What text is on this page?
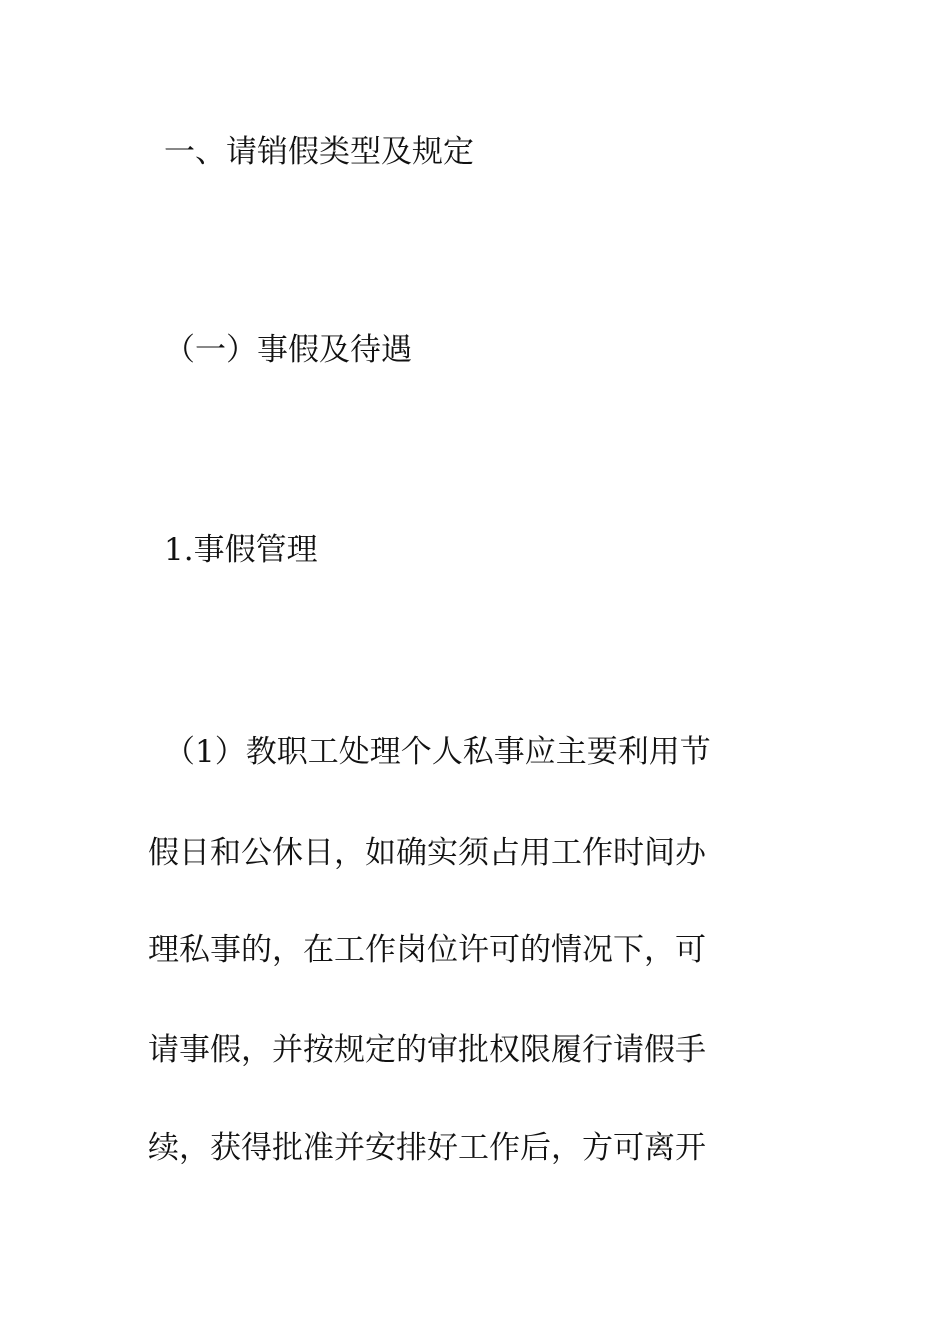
一、请销假类型及规定
（一）事假及待遇
1.事假管理

（1）教职工处理个人私事应主要利用节

假日和公休日，如确实须占用工作时间办

理私事的，在工作岗位许可的情况下，可

请事假，并按规定的审批权限履行请假手

续，获得批准并安排好工作后，方可离开
